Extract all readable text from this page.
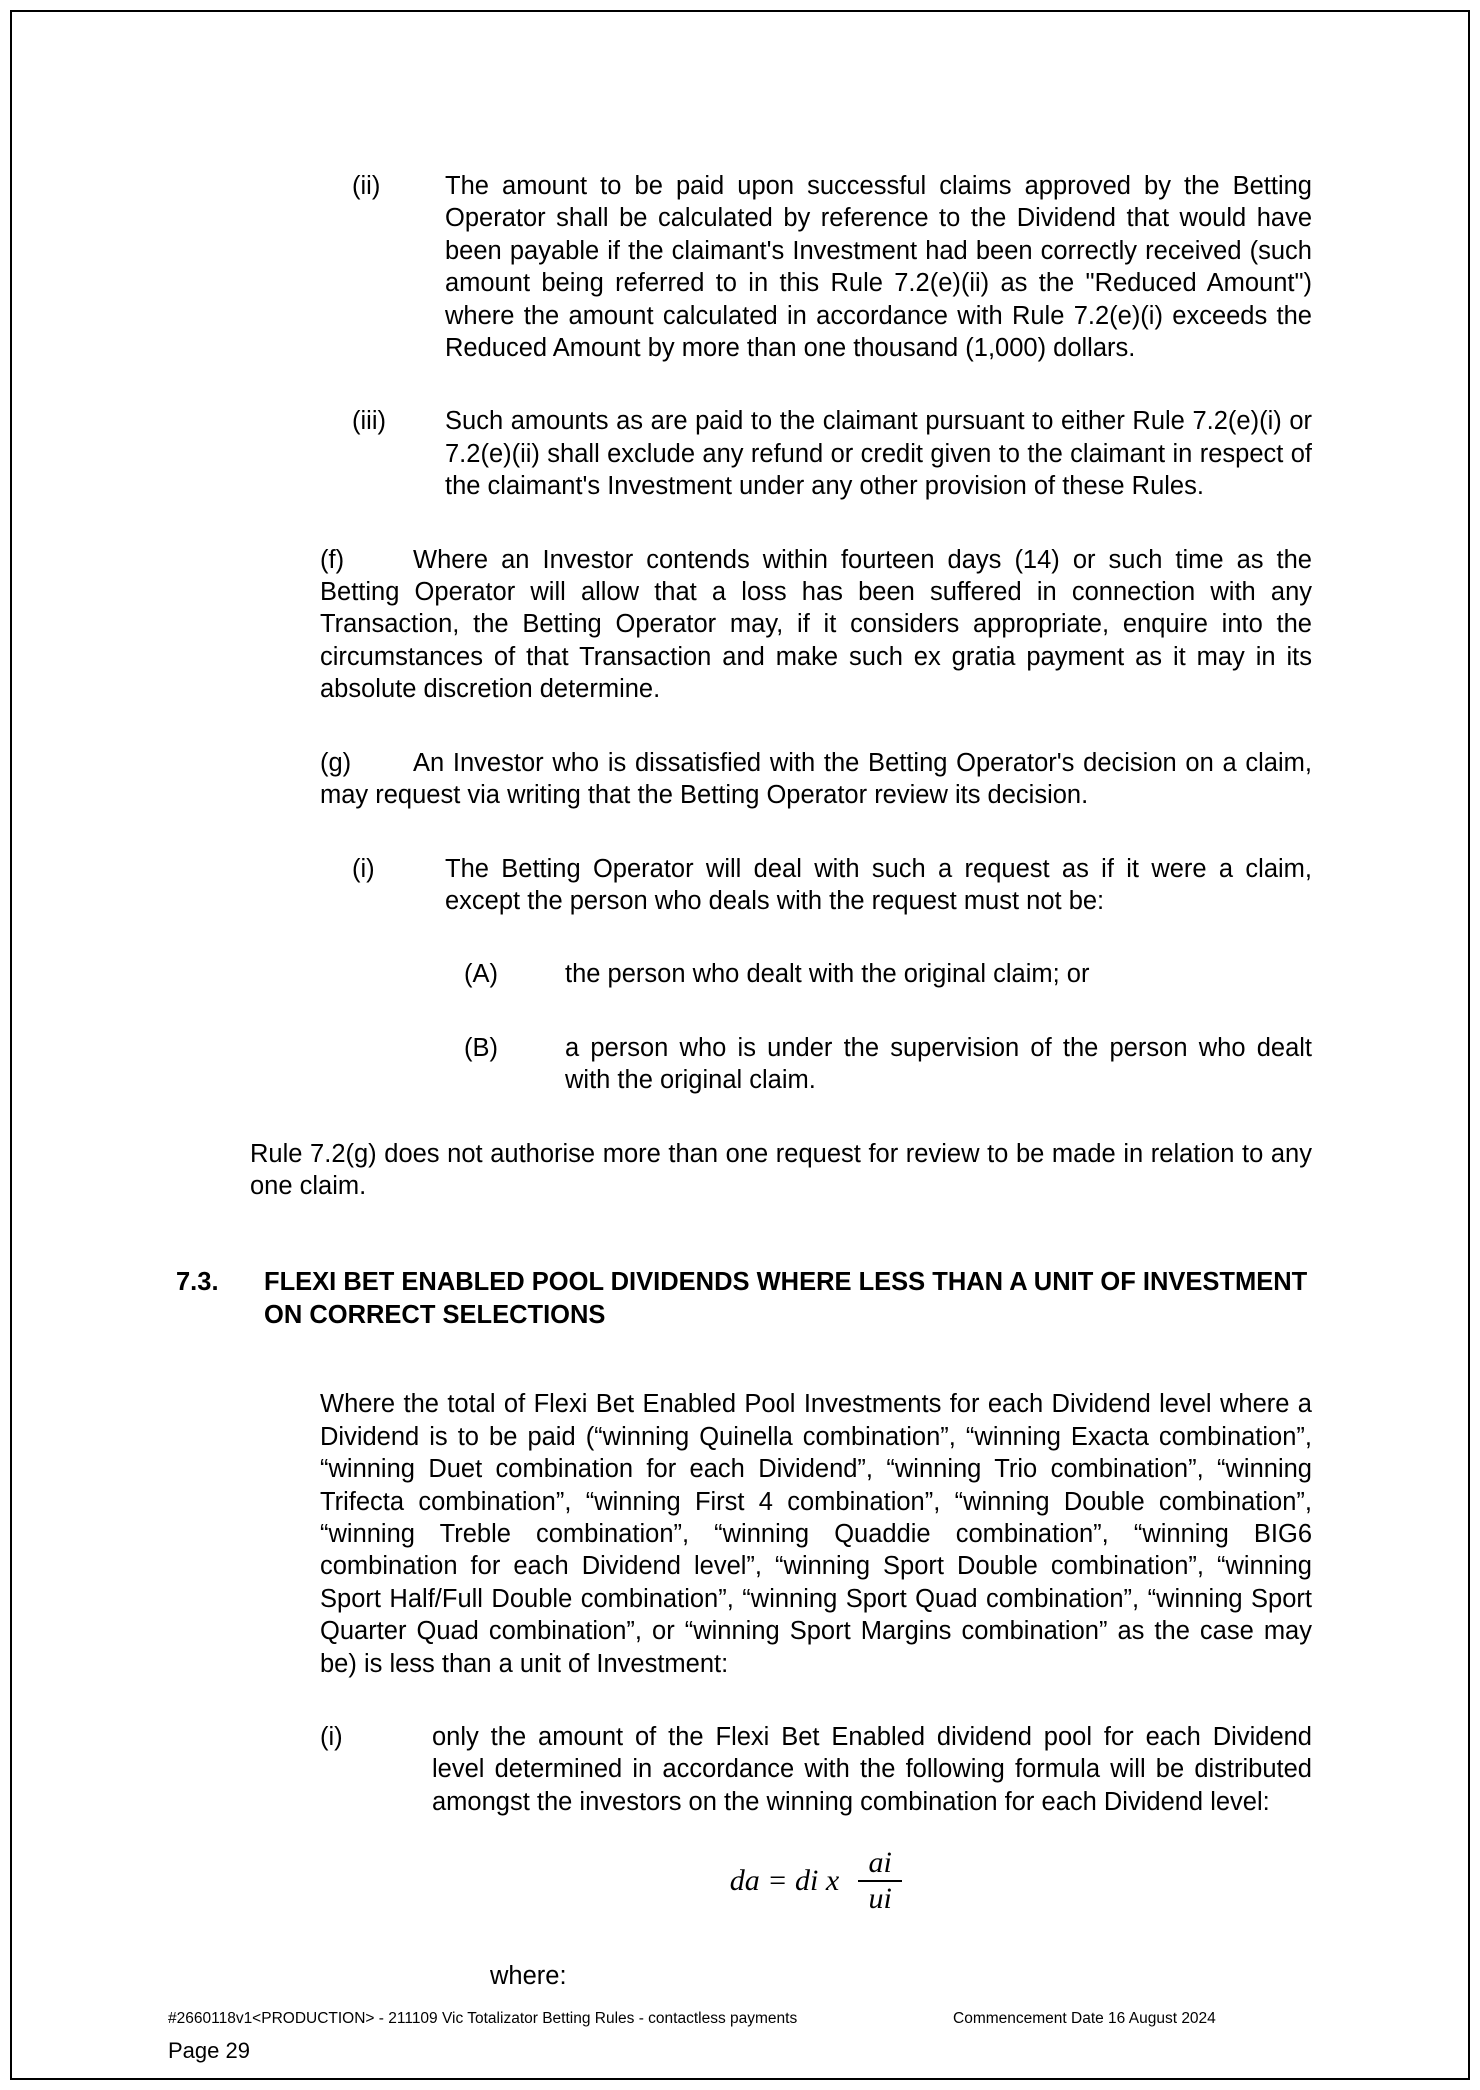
(ii)	The amount to be paid upon successful claims approved by the Betting Operator shall be calculated by reference to the Dividend that would have been payable if the claimant's Investment had been correctly received (such amount being referred to in this Rule 7.2(e)(ii) as the "Reduced Amount") where the amount calculated in accordance with Rule 7.2(e)(i) exceeds the Reduced Amount by more than one thousand (1,000) dollars.
(iii)	Such amounts as are paid to the claimant pursuant to either Rule 7.2(e)(i) or 7.2(e)(ii) shall exclude any refund or credit given to the claimant in respect of the claimant's Investment under any other provision of these Rules.
(f)	Where an Investor contends within fourteen days (14) or such time as the Betting Operator will allow that a loss has been suffered in connection with any Transaction, the Betting Operator may, if it considers appropriate, enquire into the circumstances of that Transaction and make such ex gratia payment as it may in its absolute discretion determine.
(g) An Investor who is dissatisfied with the Betting Operator's decision on a claim, may request via writing that the Betting Operator review its decision.
(i)	The Betting Operator will deal with such a request as if it were a claim, except the person who deals with the request must not be:
(A)	the person who dealt with the original claim; or
(B)	a person who is under the supervision of the person who dealt with the original claim.
Rule 7.2(g) does not authorise more than one request for review to be made in relation to any one claim.
7.3.	FLEXI BET ENABLED POOL DIVIDENDS WHERE LESS THAN A UNIT OF INVESTMENT ON CORRECT SELECTIONS
Where the total of Flexi Bet Enabled Pool Investments for each Dividend level where a Dividend is to be paid (“winning Quinella combination”, “winning Exacta combination”, “winning Duet combination for each Dividend”, “winning Trio combination”, “winning Trifecta combination”, “winning First 4 combination”, “winning Double combination”, “winning Treble combination”, “winning Quaddie combination”, “winning BIG6 combination for each Dividend level”, “winning Sport Double combination”, “winning Sport Half/Full Double combination”, “winning Sport Quad combination”, “winning Sport Quarter Quad combination”, or “winning Sport Margins combination” as the case may be) is less than a unit of Investment:
(i)	only the amount of the Flexi Bet Enabled dividend pool for each Dividend level determined in accordance with the following formula will be distributed amongst the investors on the winning combination for each Dividend level:
da = di x $\frac{ai}{ui}$
where:
#2660118v1<PRODUCTION> - 211109 Vic Totalizator Betting Rules - contactless payments	Commencement Date 16 August 2024
Page 29
